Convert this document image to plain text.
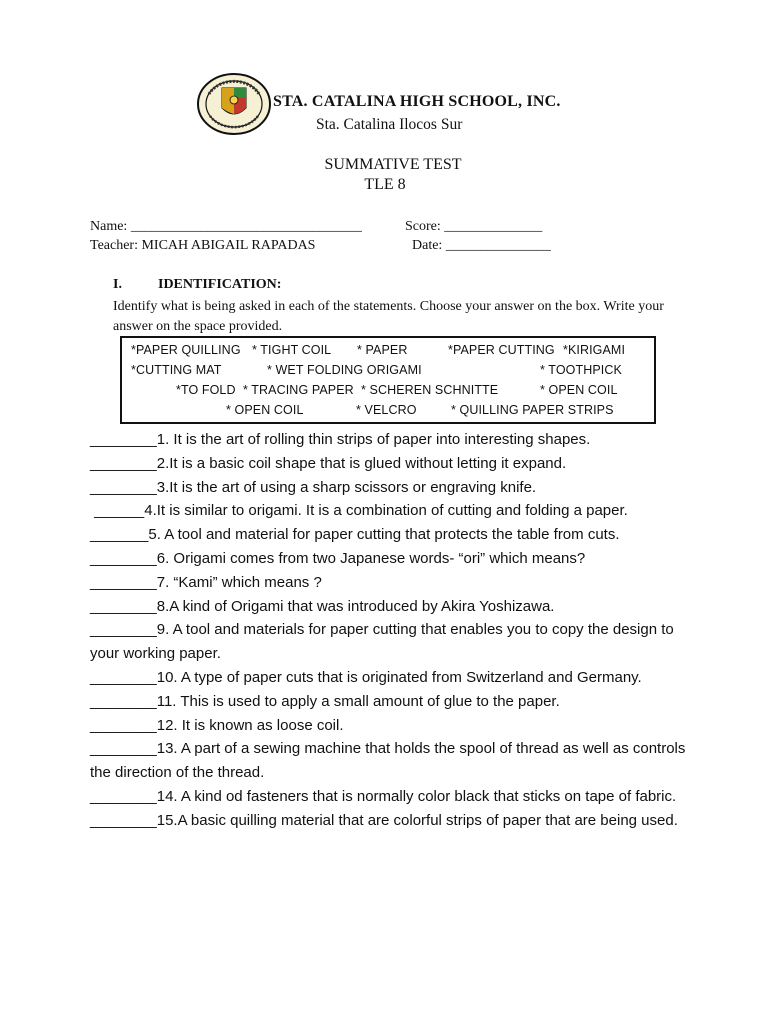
STA. CATALINA HIGH SCHOOL, INC.
Sta. Catalina Ilocos Sur
SUMMATIVE TEST
TLE 8
Name: _________________________________	Score: ______________
Teacher: MICAH ABIGAIL RAPADAS	Date: _______________
I.	IDENTIFICATION:
Identify what is being asked in each of the statements. Choose your answer on the box. Write your answer on the space provided.
*PAPER QUILLING * TIGHT COIL * PAPER	*PAPER CUTTING *KIRIGAMI
*CUTTING MAT	* WET FOLDING ORIGAMI	* TOOTHPICK
*TO FOLD * TRACING PAPER * SCHEREN SCHNITTE	* OPEN COIL
* OPEN COIL	* VELCRO	* QUILLING PAPER STRIPS
________1. It is the art of rolling thin strips of paper into interesting shapes.
________2.It is a basic coil shape that is glued without letting it expand.
________3.It is the art of using a sharp scissors or engraving knife.
______4.It is similar to origami. It is a combination of cutting and folding a paper.
_______5. A tool and material for paper cutting that protects the table from cuts.
________6. Origami comes from two Japanese words- “ori” which means?
________7. “Kami” which means ?
________8.A kind of Origami that was introduced by Akira Yoshizawa.
________9. A tool and materials for paper cutting that enables you to copy the design to your working paper.
________10. A type of paper cuts that is originated from Switzerland and Germany.
________11. This is used to apply a small amount of glue to the paper.
________12. It is known as loose coil.
________13. A part of a sewing machine that holds the spool of thread as well as controls the direction of the thread.
________14. A kind od fasteners that is normally color black that sticks on tape of fabric.
________15.A basic quilling material that are colorful strips of paper that are being used.
